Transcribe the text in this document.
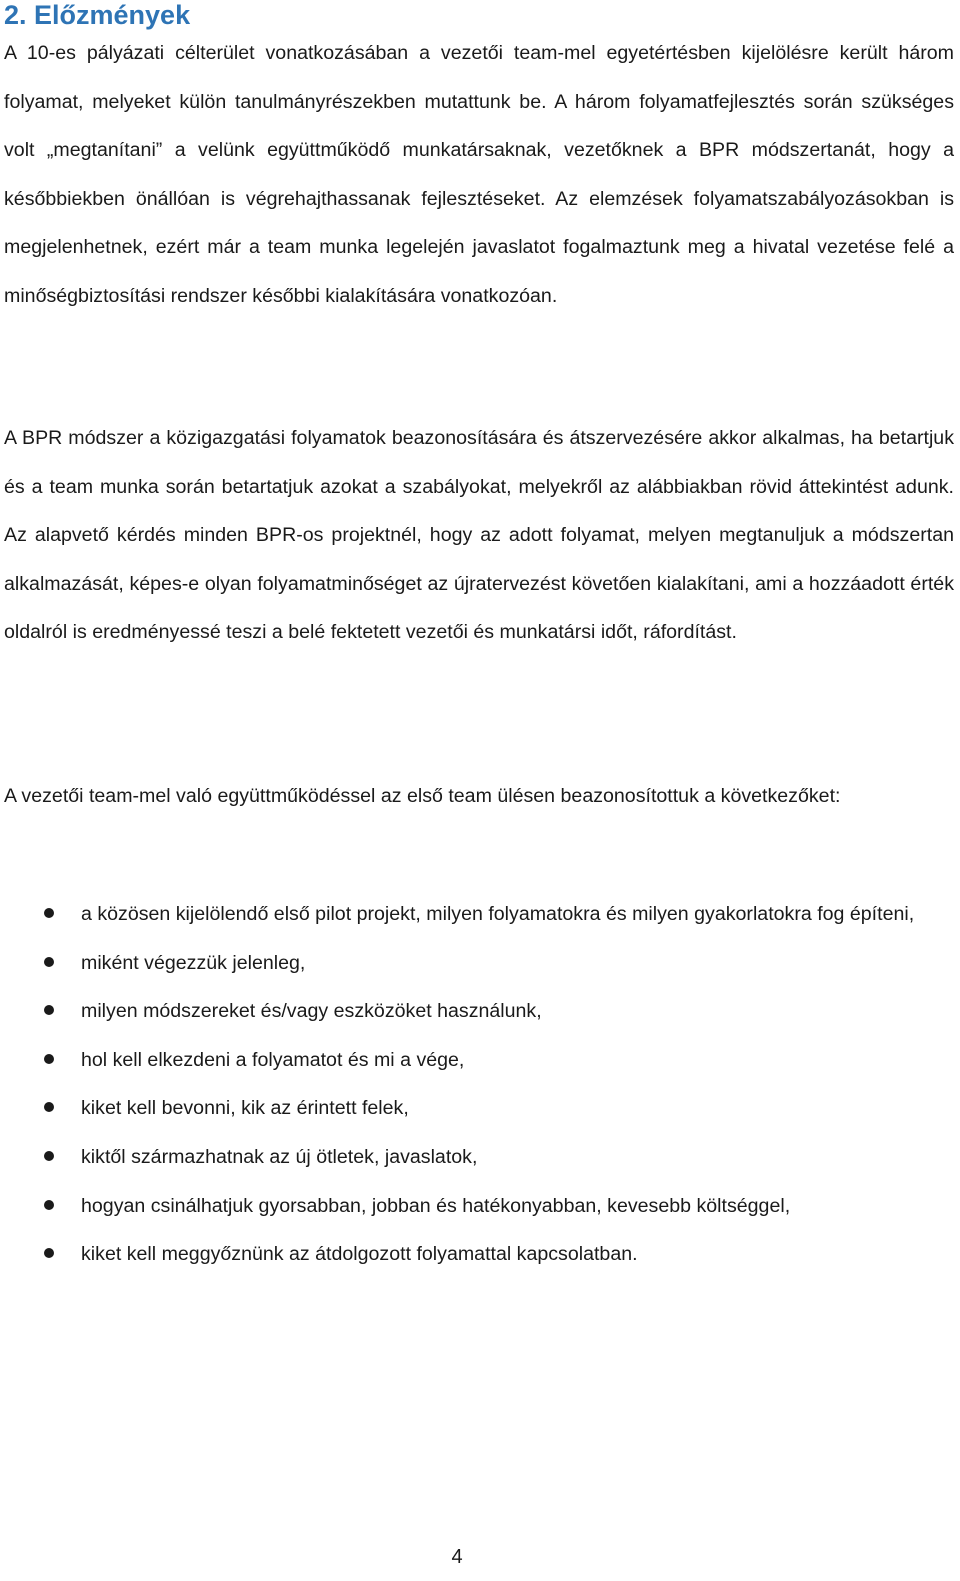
2. Előzmények

A 10-es pályázati célterület vonatkozásában a vezetői team-mel egyetértésben kijelölésre került három folyamat, melyeket külön tanulmányrészekben mutattunk be. A három folyamatfejlesztés során szükséges volt „megtanítani” a velünk együttműködő munkatársaknak, vezetőknek a BPR módszertanát, hogy a későbbiekben önállóan is végrehajthassanak fejlesztéseket. Az elemzések folyamatszabályozásokban is megjelenhetnek, ezért már a team munka legelején javaslatot fogalmaztunk meg a hivatal vezetése felé a minőségbiztosítási rendszer későbbi kialakítására vonatkozóan.

A BPR módszer a közigazgatási folyamatok beazonosítására és átszervezésére akkor alkalmas, ha betartjuk és a team munka során betartatjuk azokat a szabályokat, melyekről az alábbiakban rövid áttekintést adunk. Az alapvető kérdés minden BPR-os projektnél, hogy az adott folyamat, melyen megtanuljuk a módszertan alkalmazását, képes-e olyan folyamatminőséget az újratervezést követően kialakítani, ami a hozzáadott érték oldalról is eredményessé teszi a belé fektetett vezetői és munkatársi időt, ráfordítást.

A vezetői team-mel való együttműködéssel az első team ülésen beazonosítottuk a következőket:

a közösen kijelölendő első pilot projekt, milyen folyamatokra és milyen gyakorlatokra fog építeni,
miként végezzük jelenleg,
milyen módszereket és/vagy eszközöket használunk,
hol kell elkezdeni a folyamatot és mi a vége,
kiket kell bevonni, kik az érintett felek,
kiktől származhatnak az új ötletek, javaslatok,
hogyan csinálhatjuk gyorsabban, jobban és hatékonyabban, kevesebb költséggel,
kiket kell meggyőznünk az átdolgozott folyamattal kapcsolatban.
4
